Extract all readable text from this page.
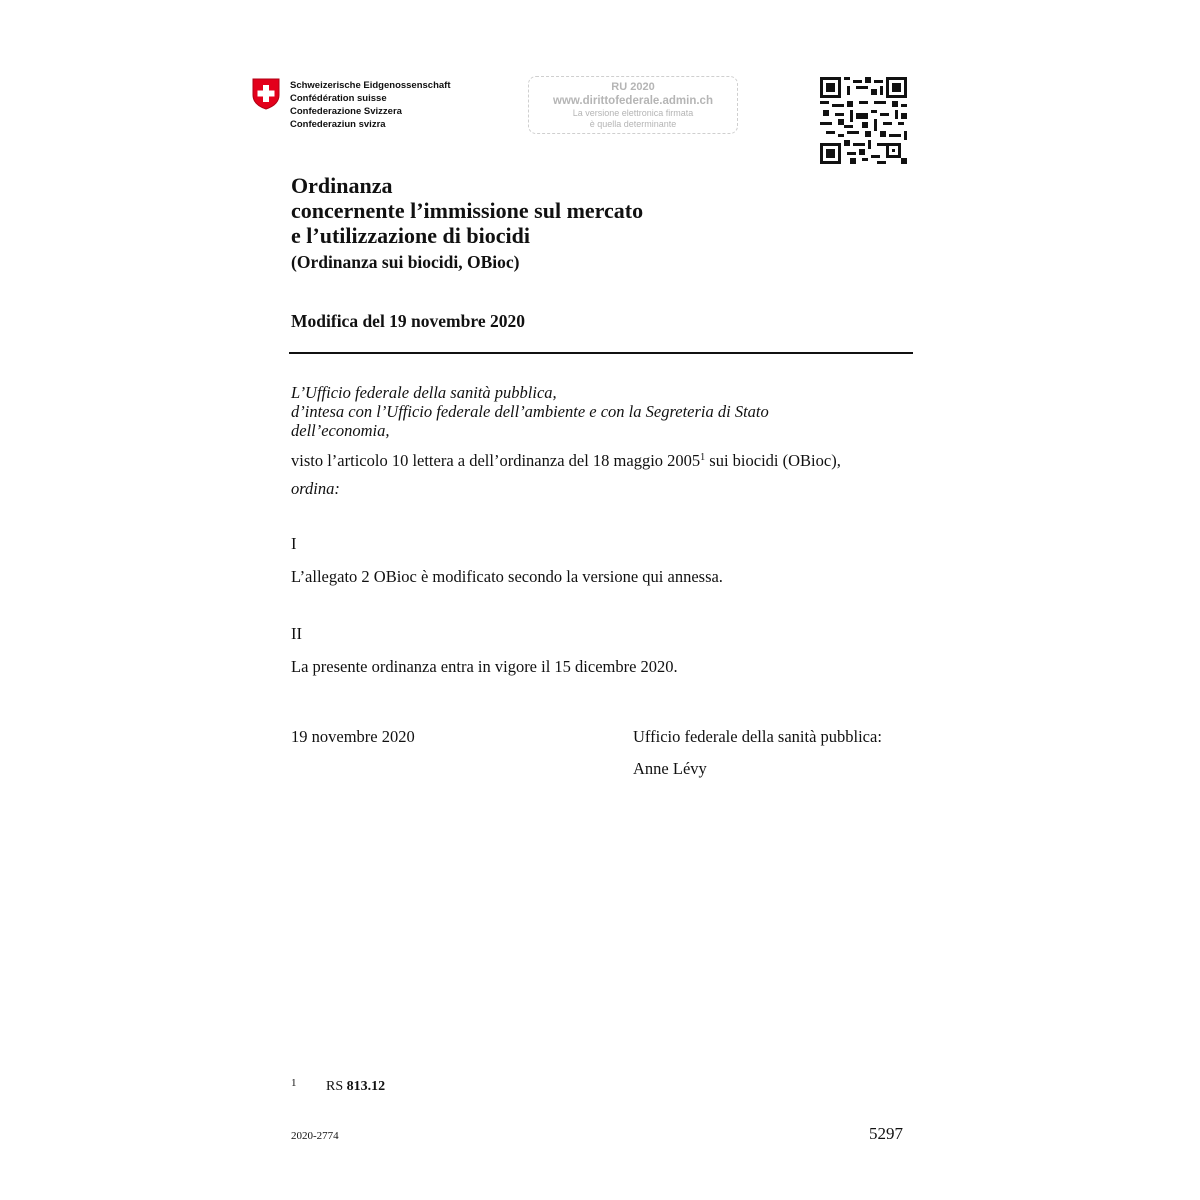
Schweizerische Eidgenossenschaft
Confédération suisse
Confederazione Svizzera
Confederaziun svizra
RU 2020
www.dirittofederale.admin.ch
La versione elettronica firmata
è quella determinante
Ordinanza
concernente l’immissione sul mercato
e l’utilizzazione di biocidi
(Ordinanza sui biocidi, OBioc)
Modifica del 19 novembre 2020
L’Ufficio federale della sanità pubblica,
d’intesa con l’Ufficio federale dell’ambiente e con la Segreteria di Stato
dell’economia,
visto l’articolo 10 lettera a dell’ordinanza del 18 maggio 2005$^1$ sui biocidi (OBioc),
ordina:
I
L’allegato 2 OBioc è modificato secondo la versione qui annessa.
II
La presente ordinanza entra in vigore il 15 dicembre 2020.
19 novembre 2020	Ufficio federale della sanità pubblica:
Anne Lévy
1 RS 813.12
2020-2774	5297
